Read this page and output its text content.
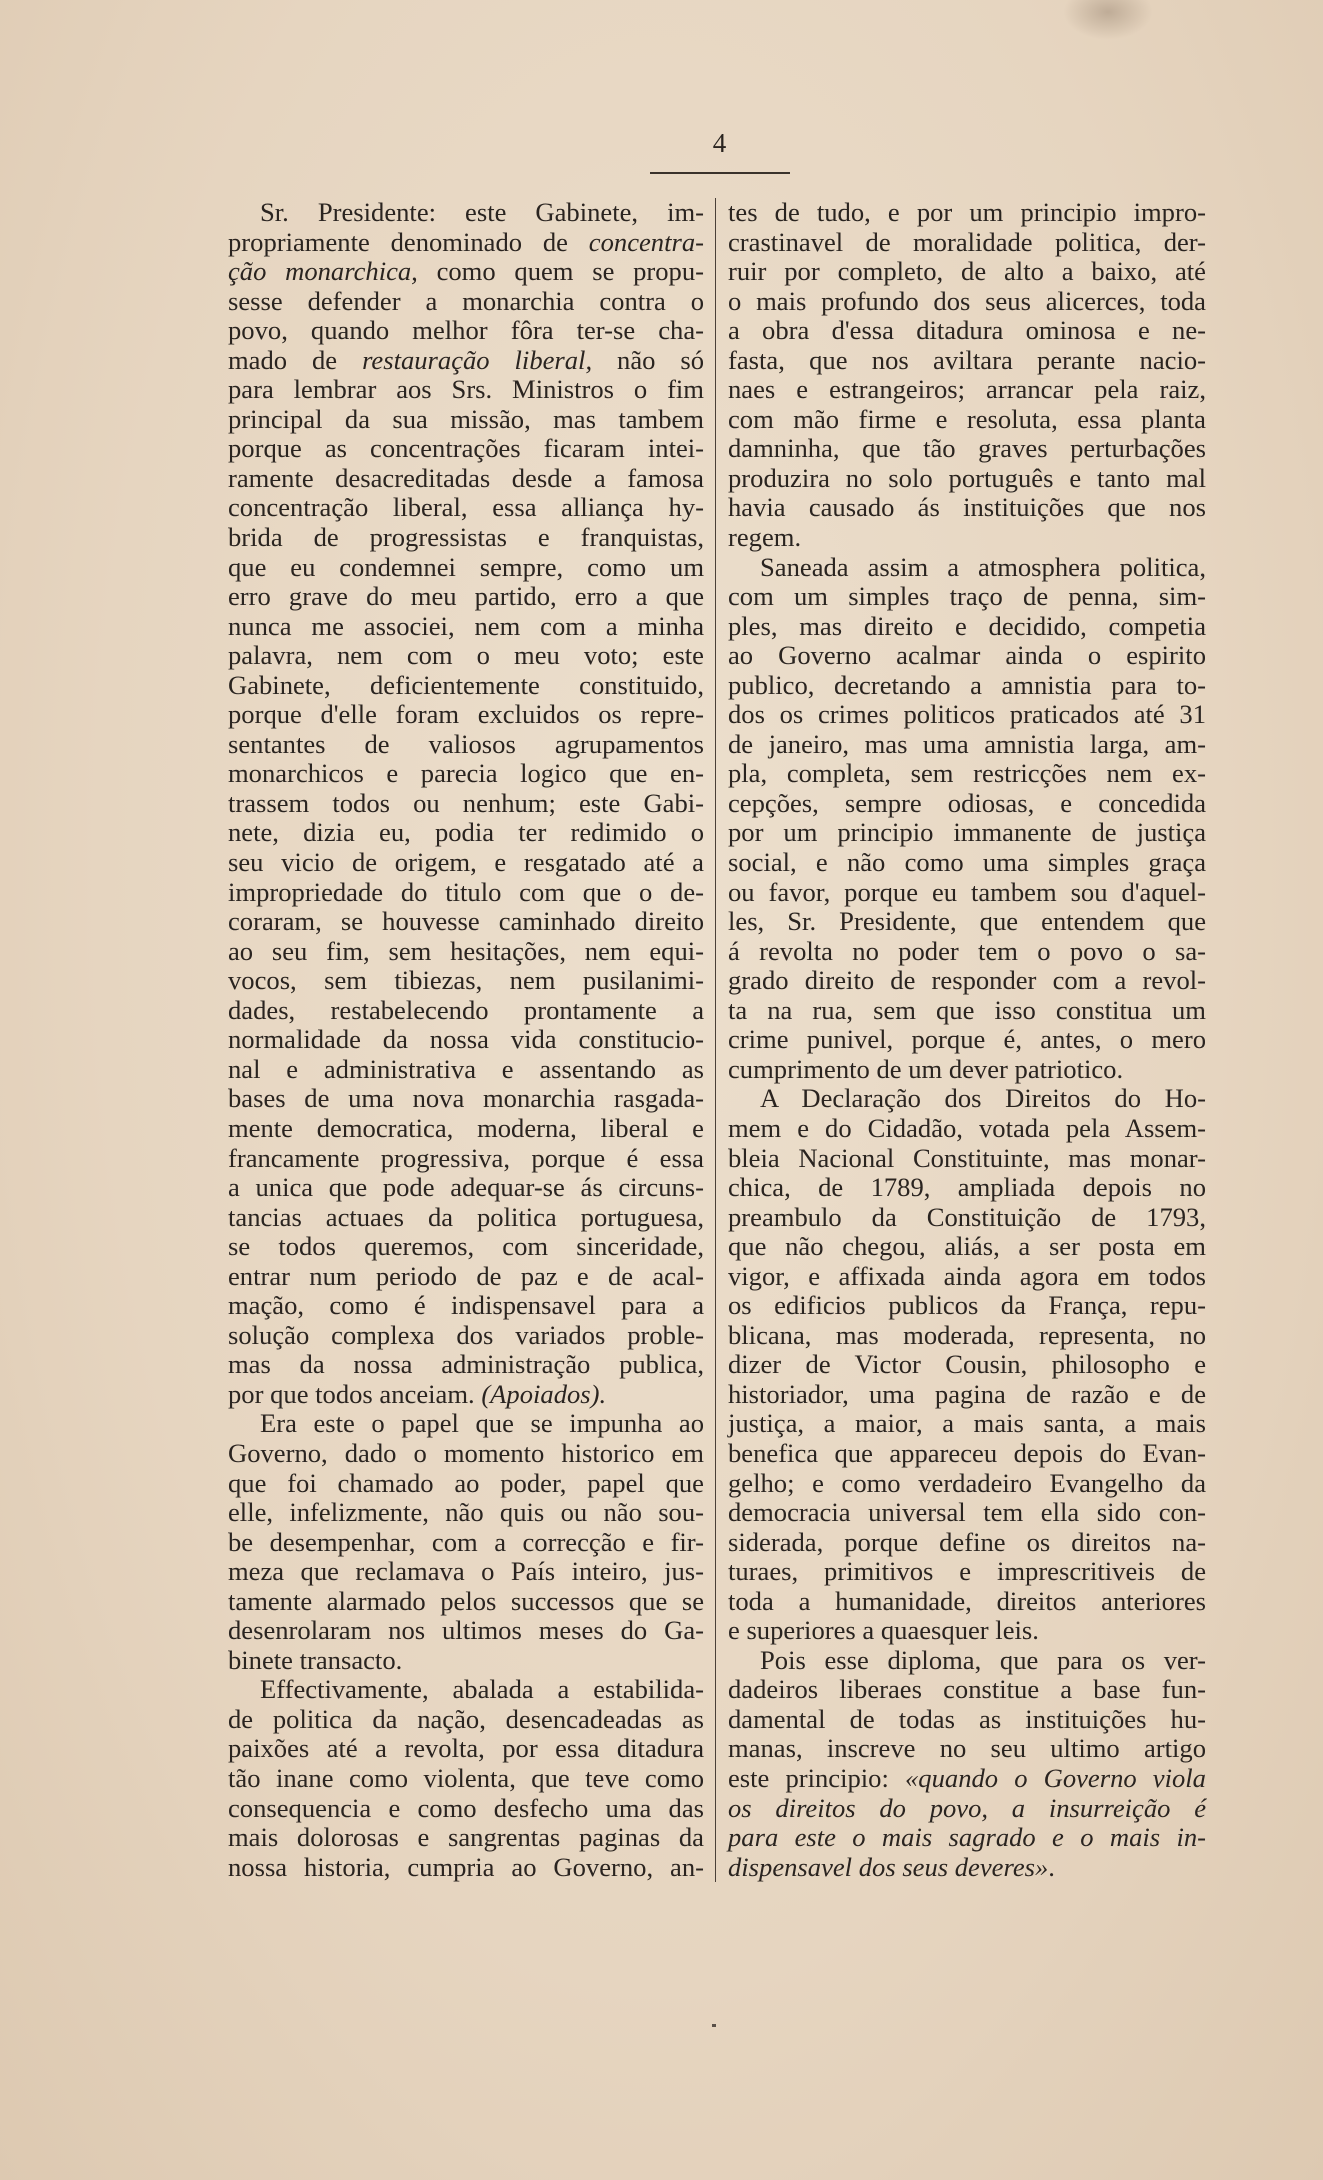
4
Sr. Presidente: este Gabinete, im-
propriamente denominado de concentra-
ção monarchica, como quem se propu-
sesse defender a monarchia contra o
povo, quando melhor fôra ter-se cha-
mado de restauração liberal, não só
para lembrar aos Srs. Ministros o fim
principal da sua missão, mas tambem
porque as concentrações ficaram intei-
ramente desacreditadas desde a famosa
concentração liberal, essa alliança hy-
brida de progressistas e franquistas,
que eu condemnei sempre, como um
erro grave do meu partido, erro a que
nunca me associei, nem com a minha
palavra, nem com o meu voto; este
Gabinete, deficientemente constituido,
porque d'elle foram excluidos os repre-
sentantes de valiosos agrupamentos
monarchicos e parecia logico que en-
trassem todos ou nenhum; este Gabi-
nete, dizia eu, podia ter redimido o
seu vicio de origem, e resgatado até a
impropriedade do titulo com que o de-
coraram, se houvesse caminhado direito
ao seu fim, sem hesitações, nem equi-
vocos, sem tibiezas, nem pusilanimi-
dades, restabelecendo prontamente a
normalidade da nossa vida constitucio-
nal e administrativa e assentando as
bases de uma nova monarchia rasgada-
mente democratica, moderna, liberal e
francamente progressiva, porque é essa
a unica que pode adequar-se ás circuns-
tancias actuaes da politica portuguesa,
se todos queremos, com sinceridade,
entrar num periodo de paz e de acal-
mação, como é indispensavel para a
solução complexa dos variados proble-
mas da nossa administração publica,
por que todos anceiam. (Apoiados).
Era este o papel que se impunha ao
Governo, dado o momento historico em
que foi chamado ao poder, papel que
elle, infelizmente, não quis ou não sou-
be desempenhar, com a correcção e fir-
meza que reclamava o País inteiro, jus-
tamente alarmado pelos successos que se
desenrolaram nos ultimos meses do Ga-
binete transacto.
Effectivamente, abalada a estabilida-
de politica da nação, desencadeadas as
paixões até a revolta, por essa ditadura
tão inane como violenta, que teve como
consequencia e como desfecho uma das
mais dolorosas e sangrentas paginas da
nossa historia, cumpria ao Governo, an-
tes de tudo, e por um principio impro-
crastinavel de moralidade politica, der-
ruir por completo, de alto a baixo, até
o mais profundo dos seus alicerces, toda
a obra d'essa ditadura ominosa e ne-
fasta, que nos aviltara perante nacio-
naes e estrangeiros; arrancar pela raiz,
com mão firme e resoluta, essa planta
damninha, que tão graves perturbações
produzira no solo português e tanto mal
havia causado ás instituições que nos
regem.
Saneada assim a atmosphera politica,
com um simples traço de penna, sim-
ples, mas direito e decidido, competia
ao Governo acalmar ainda o espirito
publico, decretando a amnistia para to-
dos os crimes politicos praticados até 31
de janeiro, mas uma amnistia larga, am-
pla, completa, sem restricções nem ex-
cepções, sempre odiosas, e concedida
por um principio immanente de justiça
social, e não como uma simples graça
ou favor, porque eu tambem sou d'aquel-
les, Sr. Presidente, que entendem que
á revolta no poder tem o povo o sa-
grado direito de responder com a revol-
ta na rua, sem que isso constitua um
crime punivel, porque é, antes, o mero
cumprimento de um dever patriotico.
A Declaração dos Direitos do Ho-
mem e do Cidadão, votada pela Assem-
bleia Nacional Constituinte, mas monar-
chica, de 1789, ampliada depois no
preambulo da Constituição de 1793,
que não chegou, aliás, a ser posta em
vigor, e affixada ainda agora em todos
os edificios publicos da França, repu-
blicana, mas moderada, representa, no
dizer de Victor Cousin, philosopho e
historiador, uma pagina de razão e de
justiça, a maior, a mais santa, a mais
benefica que appareceu depois do Evan-
gelho; e como verdadeiro Evangelho da
democracia universal tem ella sido con-
siderada, porque define os direitos na-
turaes, primitivos e imprescritiveis de
toda a humanidade, direitos anteriores
e superiores a quaesquer leis.
Pois esse diploma, que para os ver-
dadeiros liberaes constitue a base fun-
damental de todas as instituições hu-
manas, inscreve no seu ultimo artigo
este principio: «quando o Governo viola
os direitos do povo, a insurreição é
para este o mais sagrado e o mais in-
dispensavel dos seus deveres».
